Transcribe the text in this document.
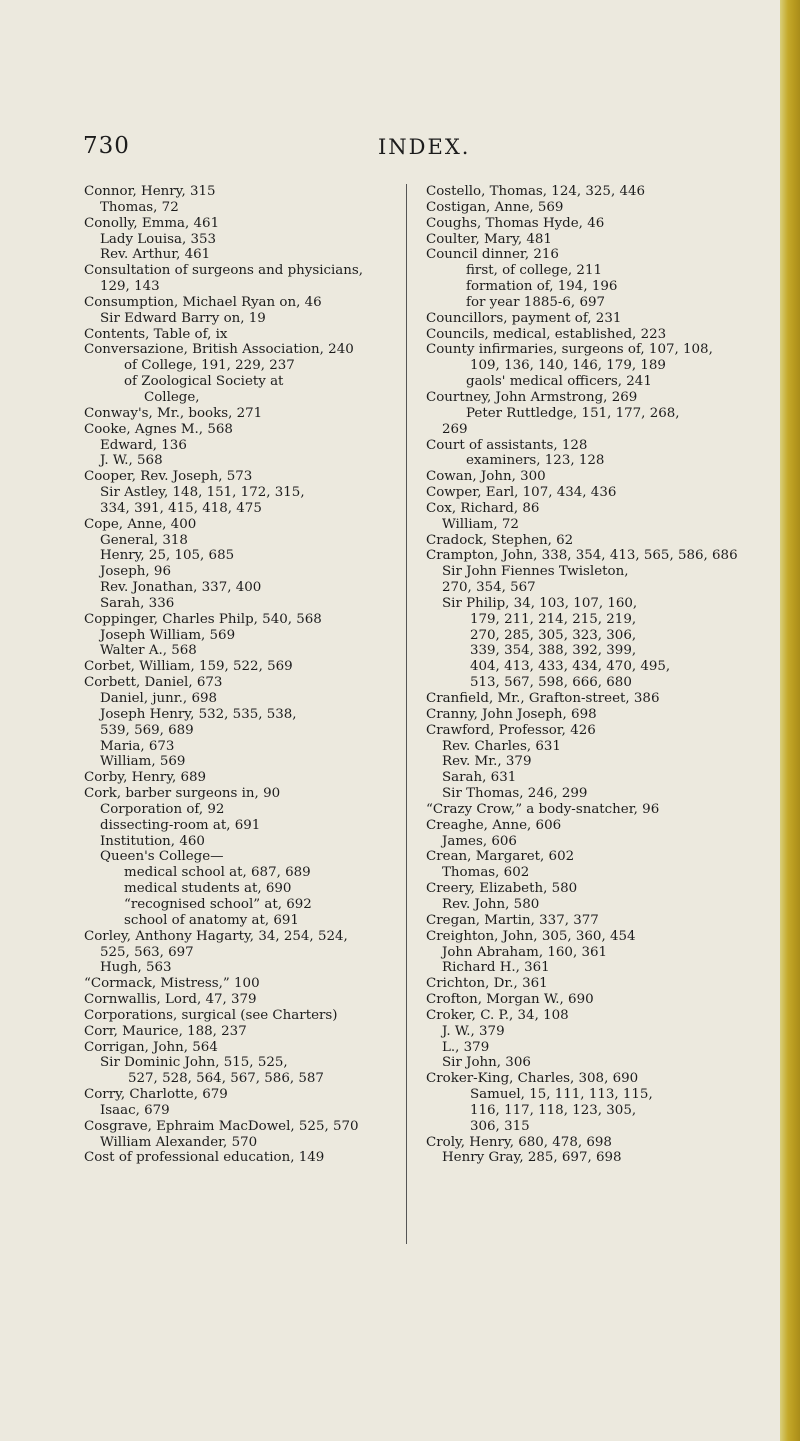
730	INDEX.
Connor, Henry, 315
Thomas, 72
Conolly, Emma, 461
Lady Louisa, 353
Rev. Arthur, 461
Consultation of surgeons and physicians,
129, 143
Consumption, Michael Ryan on, 46
Sir Edward Barry on, 19
Contents, Table of, ix
Conversazione, British Association, 240
of College, 191, 229, 237
of Zoological Society at
College,
Conway's, Mr., books, 271
Cooke, Agnes M., 568
Edward, 136
J. W., 568
Cooper, Rev. Joseph, 573
Sir Astley, 148, 151, 172, 315,
334, 391, 415, 418, 475
Cope, Anne, 400
General, 318
Henry, 25, 105, 685
Joseph, 96
Rev. Jonathan, 337, 400
Sarah, 336
Coppinger, Charles Philp, 540, 568
Joseph William, 569
Walter A., 568
Corbet, William, 159, 522, 569
Corbett, Daniel, 673
Daniel, junr., 698
Joseph Henry, 532, 535, 538,
539, 569, 689
Maria, 673
William, 569
Corby, Henry, 689
Cork, barber surgeons in, 90
Corporation of, 92
dissecting-room at, 691
Institution, 460
Queen's College—
medical school at, 687, 689
medical students at, 690
“recognised school” at, 692
school of anatomy at, 691
Corley, Anthony Hagarty, 34, 254, 524,
525, 563, 697
Hugh, 563
“Cormack, Mistress,” 100
Cornwallis, Lord, 47, 379
Corporations, surgical (see Charters)
Corr, Maurice, 188, 237
Corrigan, John, 564
Sir Dominic John, 515, 525,
527, 528, 564, 567, 586, 587
Corry, Charlotte, 679
Isaac, 679
Cosgrave, Ephraim MacDowel, 525, 570
William Alexander, 570
Cost of professional education, 149
Costello, Thomas, 124, 325, 446
Costigan, Anne, 569
Coughs, Thomas Hyde, 46
Coulter, Mary, 481
Council dinner, 216
first, of college, 211
formation of, 194, 196
for year 1885-6, 697
Councillors, payment of, 231
Councils, medical, established, 223
County infirmaries, surgeons of, 107, 108,
109, 136, 140, 146, 179, 189
gaols' medical officers, 241
Courtney, John Armstrong, 269
Peter Ruttledge, 151, 177, 268,
269
Court of assistants, 128
examiners, 123, 128
Cowan, John, 300
Cowper, Earl, 107, 434, 436
Cox, Richard, 86
William, 72
Cradock, Stephen, 62
Crampton, John, 338, 354, 413, 565, 586, 686
Sir John Fiennes Twisleton,
270, 354, 567
Sir Philip, 34, 103, 107, 160,
179, 211, 214, 215, 219,
270, 285, 305, 323, 306,
339, 354, 388, 392, 399,
404, 413, 433, 434, 470, 495,
513, 567, 598, 666, 680
Cranfield, Mr., Grafton-street, 386
Cranny, John Joseph, 698
Crawford, Professor, 426
Rev. Charles, 631
Rev. Mr., 379
Sarah, 631
Sir Thomas, 246, 299
“Crazy Crow,” a body-snatcher, 96
Creaghe, Anne, 606
James, 606
Crean, Margaret, 602
Thomas, 602
Creery, Elizabeth, 580
Rev. John, 580
Cregan, Martin, 337, 377
Creighton, John, 305, 360, 454
John Abraham, 160, 361
Richard H., 361
Crichton, Dr., 361
Crofton, Morgan W., 690
Croker, C. P., 34, 108
J. W., 379
L., 379
Sir John, 306
Croker-King, Charles, 308, 690
Samuel, 15, 111, 113, 115,
116, 117, 118, 123, 305,
306, 315
Croly, Henry, 680, 478, 698
Henry Gray, 285, 697, 698
